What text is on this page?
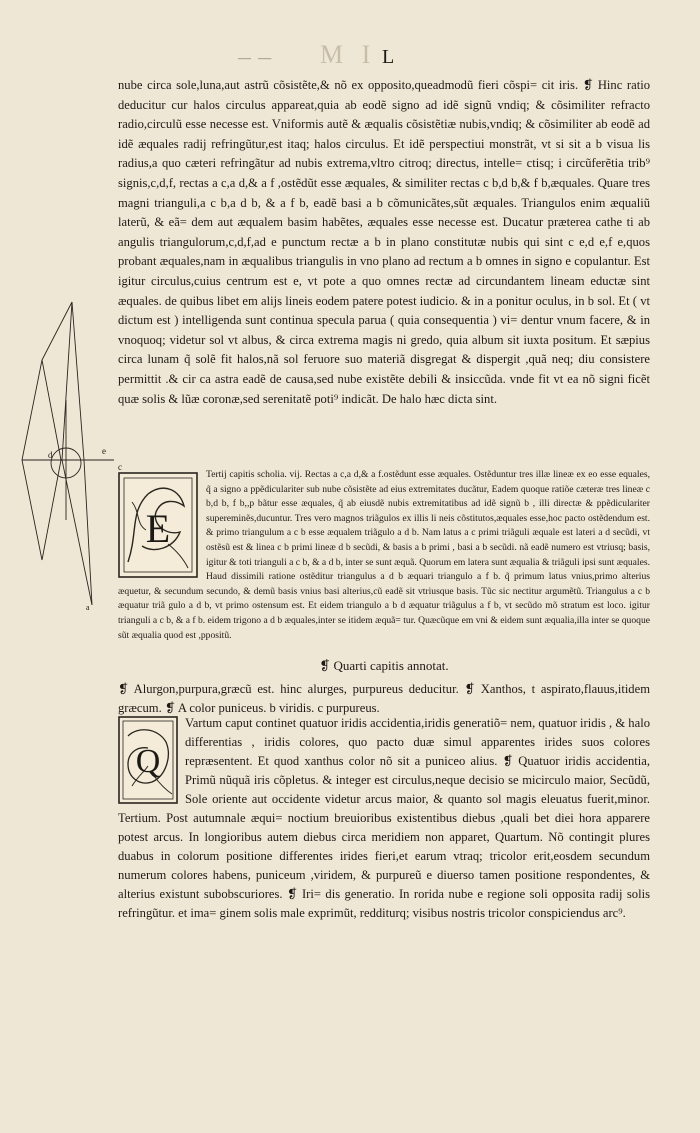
M I
— —	L
e
d
c
a

nube circa sole,luna,aut astrũ cõsistẽte,& nõ ex opposito,queadmodũ fieri cõspi= cit iris. ❡ Hinc ratio deducitur cur halos circulus appareat,quia ab eodẽ signo ad idẽ signũ vndiq; & cõsimiliter refracto radio,circulũ esse necesse est. Vniformis autẽ & æqualis cõsistẽtiæ nubis,vndiq; & cõsimiliter ab eodẽ ad idẽ æquales radij refringũtur,est itaq; halos circulus. Et idẽ perspectiui monstrãt, vt si sit a b visua lis radius,a quo cæteri refringãtur ad nubis extrema,vltro citroq; directus, intelle= ctisq; i circũferẽtia trib⁹ signis,c,d,f, rectas a c,a d,& a f ,ostẽdũt esse æquales, & similiter rectas c b,d b,& f b,æquales. Quare tres magni trianguli,a c b,a d b, & a f b, eadẽ basi a b cõmunicãtes,sũt æquales. Triangulos enim æqualiũ laterũ, & eã= dem aut æqualem basim habẽtes, æquales esse necesse est. Ducatur præterea cathe ti ab angulis triangulorum,c,d,f,ad e punctum rectæ a b in plano constitutæ nubis qui sint c e,d e,f e,quos probant æquales,nam in æqualibus triangulis in vno plano ad rectum a b omnes in signo e copulantur. Est igitur circulus,cuius centrum est e, vt pote a quo omnes rectæ ad circundantem lineam eductæ sint æquales. de quibus libet em alijs lineis eodem patere potest iudicio. & in a ponitur oculus, in b sol. Et ( vt dictum est ) intelligenda sunt continua specula parua ( quia consequentia ) vi= dentur vnum facere, & in vnoquoq; videtur sol vt albus, & circa extrema magis ni gredo, quia album sit iuxta positum. Et sæpius circa lunam q̃ solẽ fit halos,nã sol feruore suo materiã disgregat & dispergit ,quã neq; diu consistere permittit .& cir ca astra eadẽ de causa,sed nube existẽte debili & insiccũda. vnde fit vt ea nõ signi ficẽt quæ solis & lũæ coronæ,sed serenitatẽ poti⁹ indicãt. De halo hæc dicta sint.

E

Tertij capitis scholia. vij. Rectas a c,a d,& a f.ostẽdunt esse æquales. Ostẽduntur tres illæ lineæ ex eo esse equales, q̃ a signo a ppẽdiculariter sub nube cõsistẽte ad eius extremitates ducãtur, Eadem quoque ratiõe cæteræ tres lineæ c b,d b, f b,,p bãtur esse æquales, q̃ ab eiusdẽ nubis extremitatibus ad idẽ signũ b , illi directæ & ppẽdiculariter supereminẽs,ducuntur. Tres vero magnos triãgulos ex illis li neis cõstitutos,æquales esse,hoc pacto ostẽdendum est. & primo triangulum a c b esse æqualem triãgulo a d b. Nam latus a c primi triãguli æquale est lateri a d secũdi, vt ostẽsũ est & linea c b primi lineæ d b secũdi, & basis a b primi , basi a b secũdi. nã eadẽ numero est vtriusq; basis, igitur & toti trianguli a c b, & a d b, inter se sunt æquã. Quorum em latera sunt æqualia & triãguli ipsi sunt æquales. Haud dissimili ratione ostẽditur triangulus a d b æquari triangulo a f b. q̃ primum latus vnius,primo alterius æquetur, & secundum secundo, & demũ basis vnius basi alterius,cũ eadẽ sit vtriusque basis. Tũc sic nectitur argumẽtũ. Triangulus a c b æquatur triã gulo a d b, vt primo ostensum est. Et eidem triangulo a b d æquatur triãgulus a f b, vt secũdo mõ stratum est loco. igitur trianguli a c b, & a f b. eidem trigono a d b æquales,inter se itidem æquã= tur. Quæcũque em vni & eidem sunt æqualia,illa inter se quoque sũt æqualia quod est ,ppositũ.

❡ Quarti capitis annotat.

❡ Alurgon,purpura,græcũ est. hinc alurges, purpureus deducitur. ❡ Xanthos, t aspirato,flauus,itidem græcum. ❡ A color puniceus. b viridis. c purpureus.

Q

Vartum caput continet quatuor iridis accidentia,iridis generatiõ= nem, quatuor iridis , & halo differentias , iridis colores, quo pacto duæ simul apparentes irides suos colores repræsentent. Et quod xanthus color nõ sit a puniceo alius. ❡ Quatuor iridis accidentia, Primũ nũquã iris cõpletus. & integer est circulus,neque decisio se micirculo maior, Secũdũ, Sole oriente aut occidente videtur arcus maior, & quanto sol magis eleuatus fuerit,minor. Tertium. Post autumnale æqui= noctium breuioribus existentibus diebus ,quali bet diei hora apparere potest arcus. In longioribus autem diebus circa meridiem non apparet, Quartum. Nõ contingit plures duabus in colorum positione differentes irides fieri,et earum vtraq; tricolor erit,eosdem secundum numerum colores habens, puniceum ,viridem, & purpureũ e diuerso tamen positione respondentes, & alterius existunt subobscuriores. ❡ Iri= dis generatio. In rorida nube e regione soli opposita radij solis refringũtur. et ima= ginem solis male exprimũt, redditurq; visibus nostris tricolor conspiciendus arc⁹.
